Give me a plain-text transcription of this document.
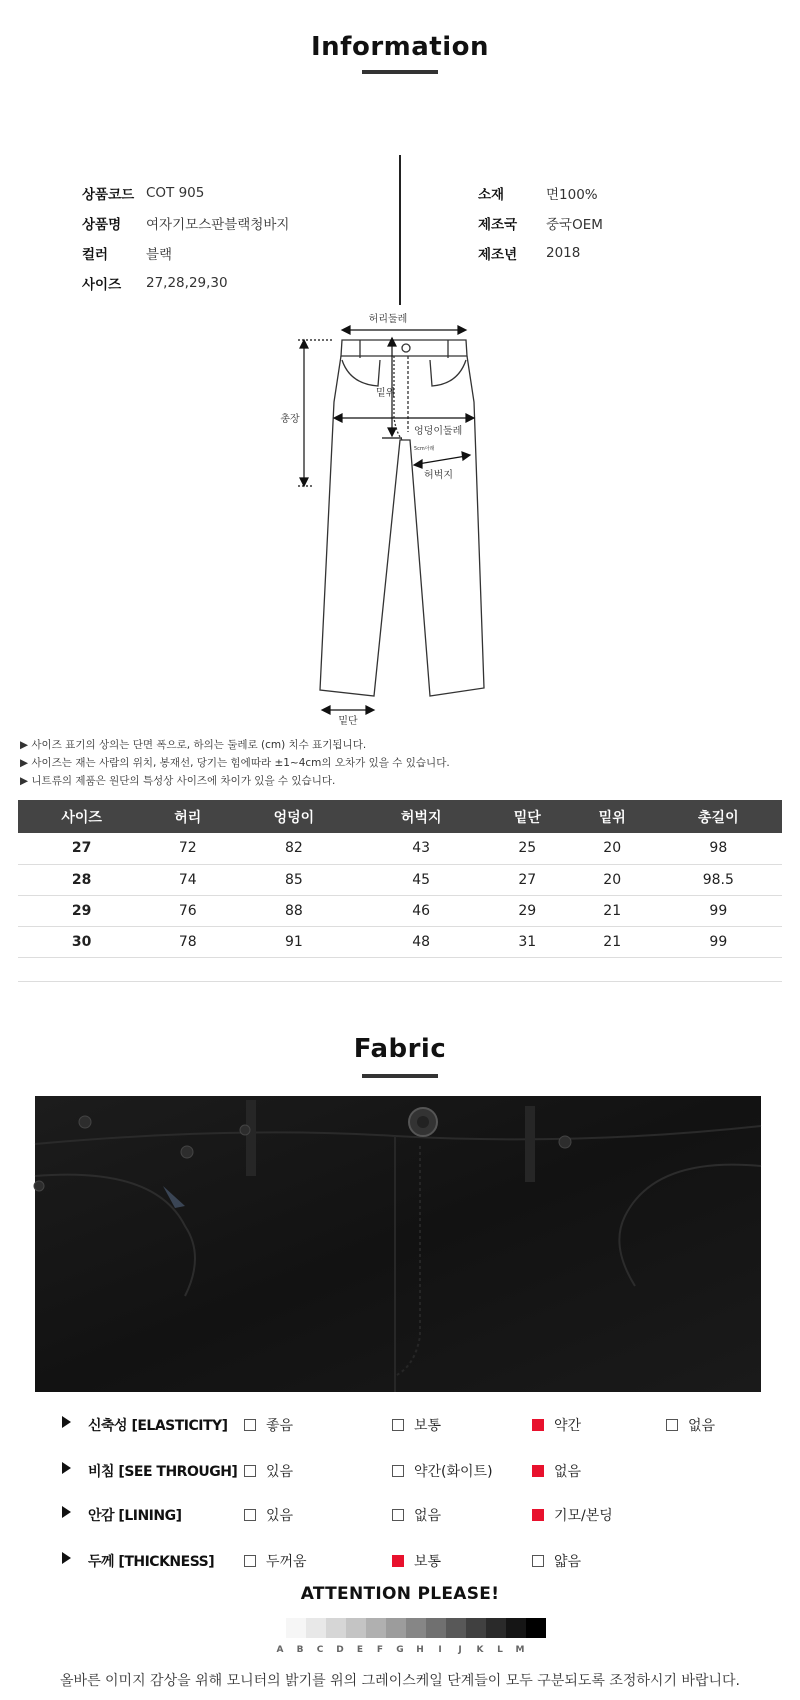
Information
상품코드 COT 905
상품명	여자기모스판블랙청바지
컬러	블랙
사이즈	27,28,29,30
소재	면100%
제조국	중국OEM
제조년	2018
허리둘레
총장
밑위
엉덩이둘레
5cm아래
허벅지
밑단
▶ 사이즈 표기의 상의는 단면 폭으로, 하의는 둘레로 (cm) 치수 표기됩니다.
▶ 사이즈는 재는 사람의 위치, 봉재선, 당기는 힘에따라 ±1~4cm의 오차가 있을 수 있습니다.
▶ 니트류의 제품은 원단의 특성상 사이즈에 차이가 있을 수 있습니다.
사이즈	허리	엉덩이	허벅지	밑단	밑위	총길이
27	72	82	43	25	20	98
28	74	85	45	27	20	98.5
29	76	88	46	29	21	99
30	78	91	48	31	21	99
Fabric
신축성 [ELASTICITY]	좋음	보통	약간	없음
비침 [SEE THROUGH] 있음	약간(화이트)	없음
안감 [LINING]	있음	없음	기모/본딩
두께 [THICKNESS]	두꺼움	보통	얇음
ATTENTION PLEASE!
A	B	C	D	E	F	G	H	I	J	K	L	M
올바른 이미지 감상을 위해 모니터의 밝기를 위의 그레이스케일 단계들이 모두 구분되도록 조정하시기 바랍니다.
